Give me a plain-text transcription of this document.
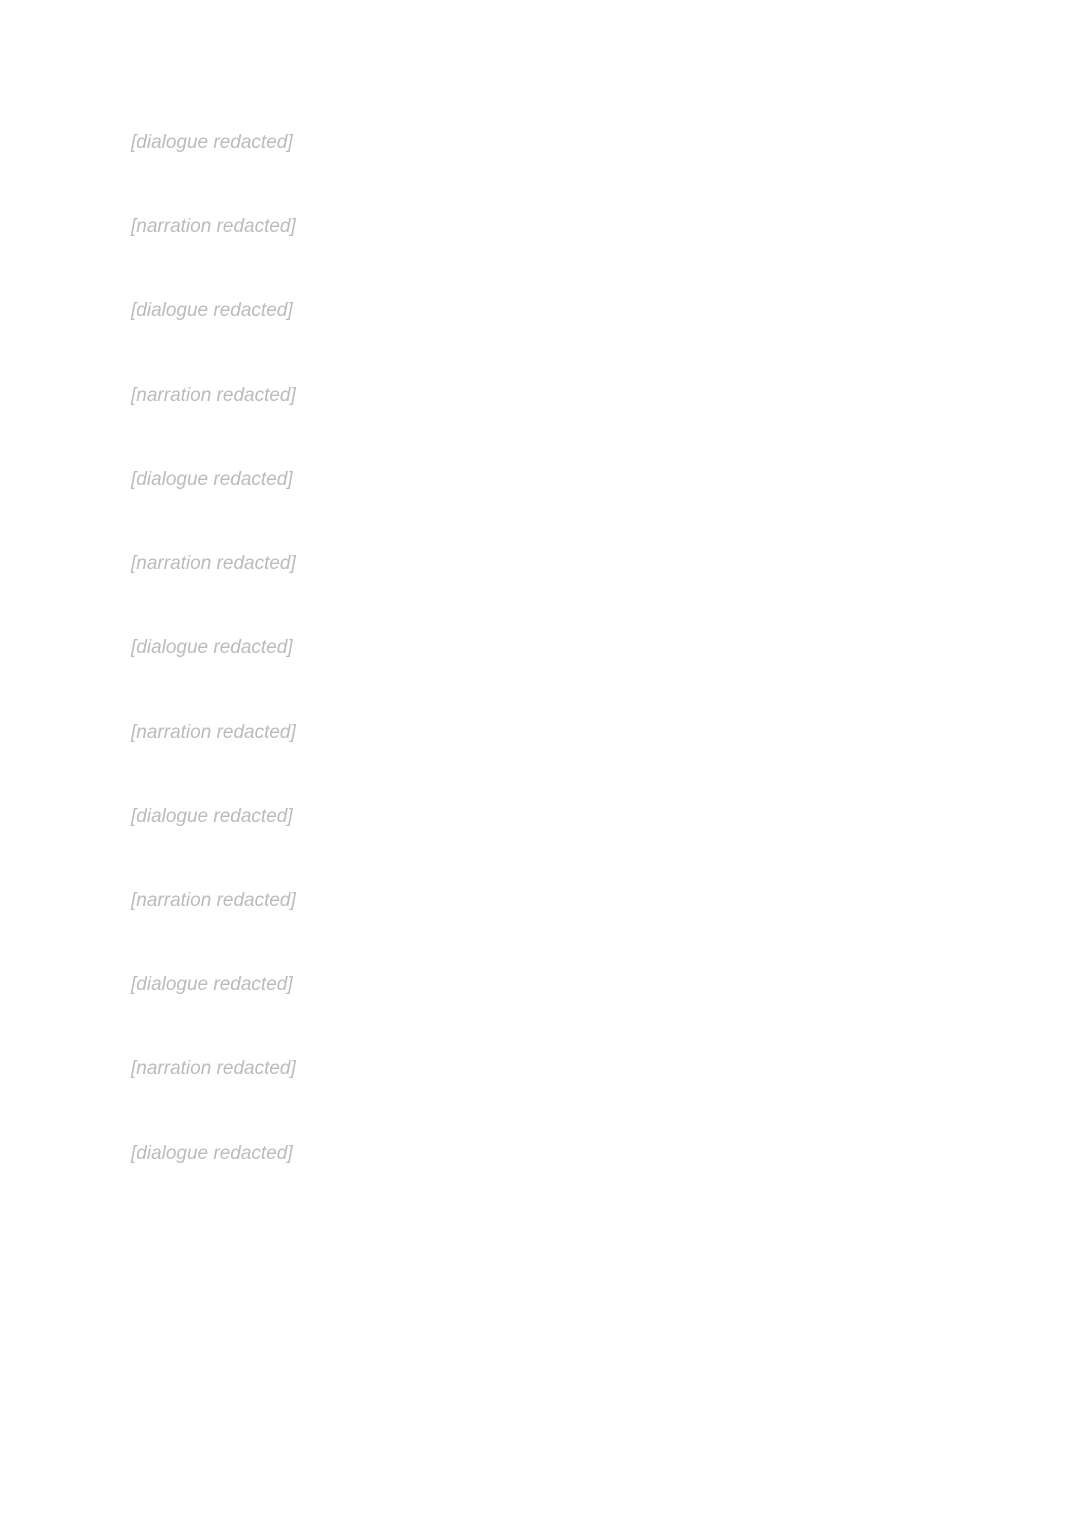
[dialogue redacted]

[narration redacted]

[dialogue redacted]

[narration redacted]

[dialogue redacted]

[narration redacted]

[dialogue redacted]

[narration redacted]

[dialogue redacted]

[narration redacted]

[dialogue redacted]

[narration redacted]

[dialogue redacted]
